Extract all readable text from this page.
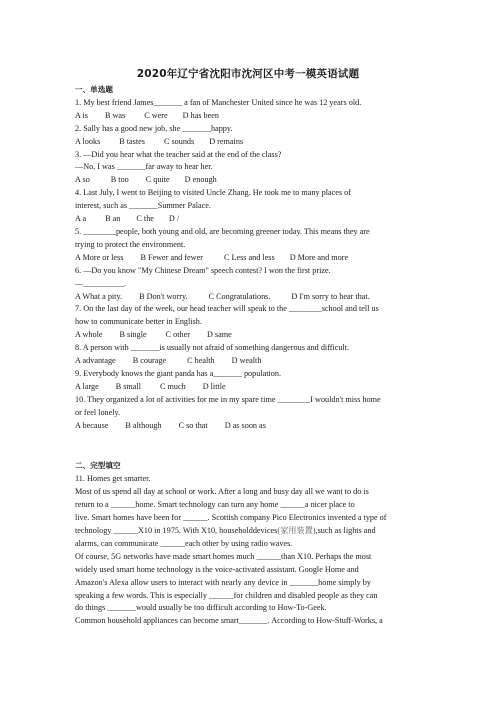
2020年辽宁省沈阳市沈河区中考一模英语试题
一、单选题
1. My best friend James_______ a fan of Manchester United since he was 12 years old.
A is B was C were D has been
2. Sally has a good new job, she _______happy.
A looks B tastes C sounds D remains
3. —Did you hear what the teacher said at the end of the class?
—No, I was _______far away to hear her.
A so	B too C quite D enough
4. Last July, I went to Beijing to visited Uncle Zhang. He took me to many places of
interest, such as _______Summer Palace.
A a B an C the D /
5. ________people, both young and old, are becoming greener today. This means they are
trying to protect the environment.
A More or less B Fewer and fewer	C Less and less D More and more
6. —Do you know "My Chinese Dream" speech contest? I won the first prize.
—__________.
A What a pity. B Don't worry.	C Congratulations.	D I'm sorry to hear that.
7. On the last day of the week, our head teacher will speak to the ________school and tell us
how to communicate better in English.
A whole B single C other D same
8. A person with _______is usually not afraid of something dangerous and difficult.
A advantage B courage	C health D wealth
9. Everybody knows the giant panda has a_______ population.
A large B small C much D little
10. They organized a lot of activities for me in my spare time ________I wouldn't miss home
or feel lonely.
A because B although C so that D as soon as
二、完型填空
11. Homes get smarter.
Most of us spend all day at school or work. After a long and busy day all we want to do is
return to a ______home. Smart technology can turn any home ______a nicer place to
live. Smart homes have been for ______. Scottish company Pico Electronics invented a type of
technology ______X10 in 1975. With X10, householddevices(家用装置),such as lights and
alarms, can communicate ______each other by using radio waves.
Of course, 5G networks have made smart homes much ______than X10. Perhaps the most
widely used smart home technology is the voice-activated assistant. Google Home and
Amazon's Alexa allow users to interact with nearly any device in _______home simply by
speaking a few words. This is especially ______for children and disabled people as they can
do things _______would usually be too difficult according to How-To-Geek.
Common household appliances can become smart_______. According to How-Stuff-Works, a
